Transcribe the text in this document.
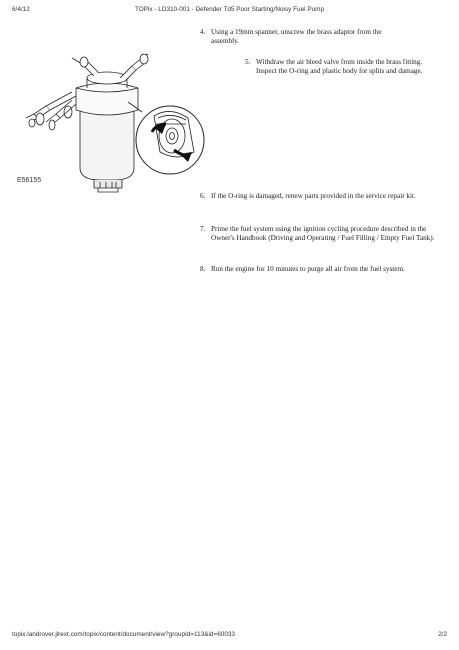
6/4/12	TOPix - LD310-001 - Defender Td5 Poor Starting/Noisy Fuel Pump
4. Using a 19mm spanner, unscrew the brass adaptor from the assembly.
5. Withdraw the air bleed valve from inside the brass fitting. Inspect the O-ring and plastic body for splits and damage.
E56155
6. If the O-ring is damaged, renew parts provided in the service repair kit.
7. Prime the fuel system using the ignition cycling procedure described in the Owner's Handbook (Driving and Operating / Fuel Filling / Empty Fuel Tank).
8. Run the engine for 10 minutes to purge all air from the fuel system.
topix.landrover.jlrext.com/topix/content/document/view?groupId=113&id=60033	2/2
